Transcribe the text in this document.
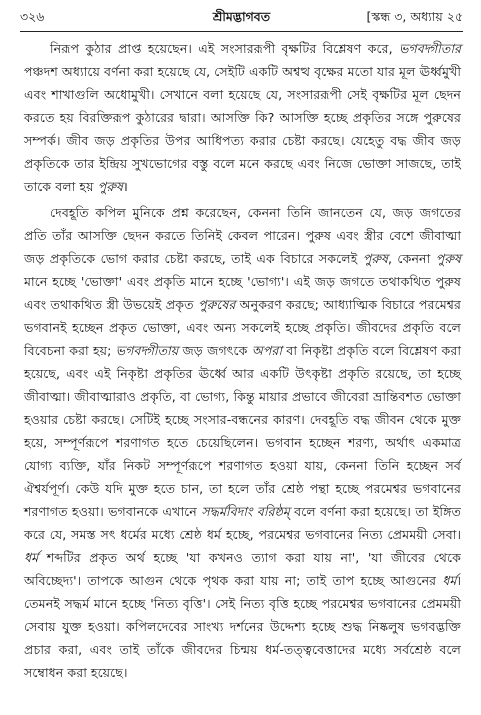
৩২৬	শ্রীমদ্ভাগবত	[স্কন্ধ ৩, অধ্যায় ২৫

নিরূপ কুঠার প্রাপ্ত হয়েছেন। এই সংসাররূপী বৃক্ষটির বিশ্লেষণ করে, ভগবদ্গীতার পঞ্চদশ অধ্যায়ে বর্ণনা করা হয়েছে যে, সেইটি একটি অশ্বত্থ বৃক্ষের মতো যার মূল ঊর্ধ্বমুখী এবং শাখাগুলি অধোমুখী। সেখানে বলা হয়েছে যে, সংসাররূপী সেই বৃক্ষটির মূল ছেদন করতে হয় বিরক্তিরূপ কুঠারের দ্বারা। আসক্তি কি? আসক্তি হচ্ছে প্রকৃতির সঙ্গে পুরুষের সম্পর্ক। জীব জড় প্রকৃতির উপর আধিপত্য করার চেষ্টা করছে। যেহেতু বদ্ধ জীব জড় প্রকৃতিকে তার ইন্দ্রিয় সুখভোগের বস্তু বলে মনে করছে এবং নিজে ভোক্তা সাজছে, তাই তাকে বলা হয় পুরুষ।

দেবহূতি কপিল মুনিকে প্রশ্ন করেছেন, কেননা তিনি জানতেন যে, জড় জগতের প্রতি তাঁর আসক্তি ছেদন করতে তিনিই কেবল পারেন। পুরুষ এবং স্ত্রীর বেশে জীবাত্মা জড় প্রকৃতিকে ভোগ করার চেষ্টা করছে, তাই এক বিচারে সকলেই পুরুষ, কেননা পুরুষ মানে হচ্ছে 'ভোক্তা' এবং প্রকৃতি মানে হচ্ছে 'ভোগ্য'। এই জড় জগতে তথাকথিত পুরুষ এবং তথাকথিত স্ত্রী উভয়েই প্রকৃত পুরুষের অনুকরণ করছে; আধ্যাত্মিক বিচারে পরমেশ্বর ভগবানই হচ্ছেন প্রকৃত ভোক্তা, এবং অন্য সকলেই হচ্ছে প্রকৃতি। জীবদের প্রকৃতি বলে বিবেচনা করা হয়; ভগবদ্গীতায় জড় জগৎকে অপরা বা নিকৃষ্টা প্রকৃতি বলে বিশ্লেষণ করা হয়েছে, এবং এই নিকৃষ্টা প্রকৃতির ঊর্ধ্বে আর একটি উৎকৃষ্টা প্রকৃতি রয়েছে, তা হচ্ছে জীবাত্মা। জীবাত্মারাও প্রকৃতি, বা ভোগ্য, কিন্তু মায়ার প্রভাবে জীবেরা ভ্রান্তিবশত ভোক্তা হওয়ার চেষ্টা করছে। সেটিই হচ্ছে সংসার-বন্ধনের কারণ। দেবহূতি বদ্ধ জীবন থেকে মুক্ত হয়ে, সম্পূর্ণরূপে শরণাগত হতে চেয়েছিলেন। ভগবান হচ্ছেন শরণ্য, অর্থাৎ একমাত্র যোগ্য ব্যক্তি, যাঁর নিকট সম্পূর্ণরূপে শরণাগত হওয়া যায়, কেননা তিনি হচ্ছেন সর্ব ঐশ্বর্যপূর্ণ। কেউ যদি মুক্ত হতে চান, তা হলে তাঁর শ্রেষ্ঠ পন্থা হচ্ছে পরমেশ্বর ভগবানের শরণাগত হওয়া। ভগবানকে এখানে সদ্ধর্মবিদাং বরিষ্ঠম্ বলে বর্ণনা করা হয়েছে। তা ইঙ্গিত করে যে, সমস্ত সৎ ধর্মের মধ্যে শ্রেষ্ঠ ধর্ম হচ্ছে, পরমেশ্বর ভগবানের নিত্য প্রেমময়ী সেবা। ধর্ম শব্দটির প্রকৃত অর্থ হচ্ছে 'যা কখনও ত্যাগ করা যায় না', 'যা জীবের থেকে অবিচ্ছেদ্য'। তাপকে আগুন থেকে পৃথক করা যায় না; তাই তাপ হচ্ছে আগুনের ধর্ম। তেমনই সদ্ধর্ম মানে হচ্ছে 'নিত্য বৃত্তি'। সেই নিত্য বৃত্তি হচ্ছে পরমেশ্বর ভগবানের প্রেমময়ী সেবায় যুক্ত হওয়া। কপিলদেবের সাংখ্য দর্শনের উদ্দেশ্য হচ্ছে শুদ্ধ নিষ্কলুষ ভগবদ্ভক্তি প্রচার করা, এবং তাই তাঁকে জীবদের চিন্ময় ধর্ম-তত্ত্ববেত্তাদের মধ্যে সর্বশ্রেষ্ঠ বলে সম্বোধন করা হয়েছে।
